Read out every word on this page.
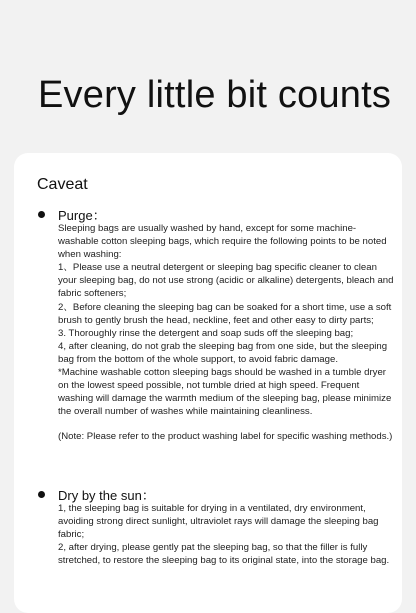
Every little bit counts
Caveat
Purge：
Sleeping bags are usually washed by hand, except for some machine-washable cotton sleeping bags, which require the following points to be noted when washing:
1、Please use a neutral detergent or sleeping bag specific cleaner to clean your sleeping bag, do not use strong (acidic or alkaline) detergents, bleach and fabric softeners;
2、Before cleaning the sleeping bag can be soaked for a short time, use a soft brush to gently brush the head, neckline, feet and other easy to dirty parts;
3. Thoroughly rinse the detergent and soap suds off the sleeping bag;
4, after cleaning, do not grab the sleeping bag from one side, but the sleeping bag from the bottom of the whole support, to avoid fabric damage.
*Machine washable cotton sleeping bags should be washed in a tumble dryer on the lowest speed possible, not tumble dried at high speed. Frequent washing will damage the warmth medium of the sleeping bag, please minimize the overall number of washes while maintaining cleanliness.
(Note: Please refer to the product washing label for specific washing methods.)
Dry by the sun：
1, the sleeping bag is suitable for drying in a ventilated, dry environment, avoiding strong direct sunlight, ultraviolet rays will damage the sleeping bag fabric;
2, after drying, please gently pat the sleeping bag, so that the filler is fully stretched, to restore the sleeping bag to its original state, into the storage bag.
